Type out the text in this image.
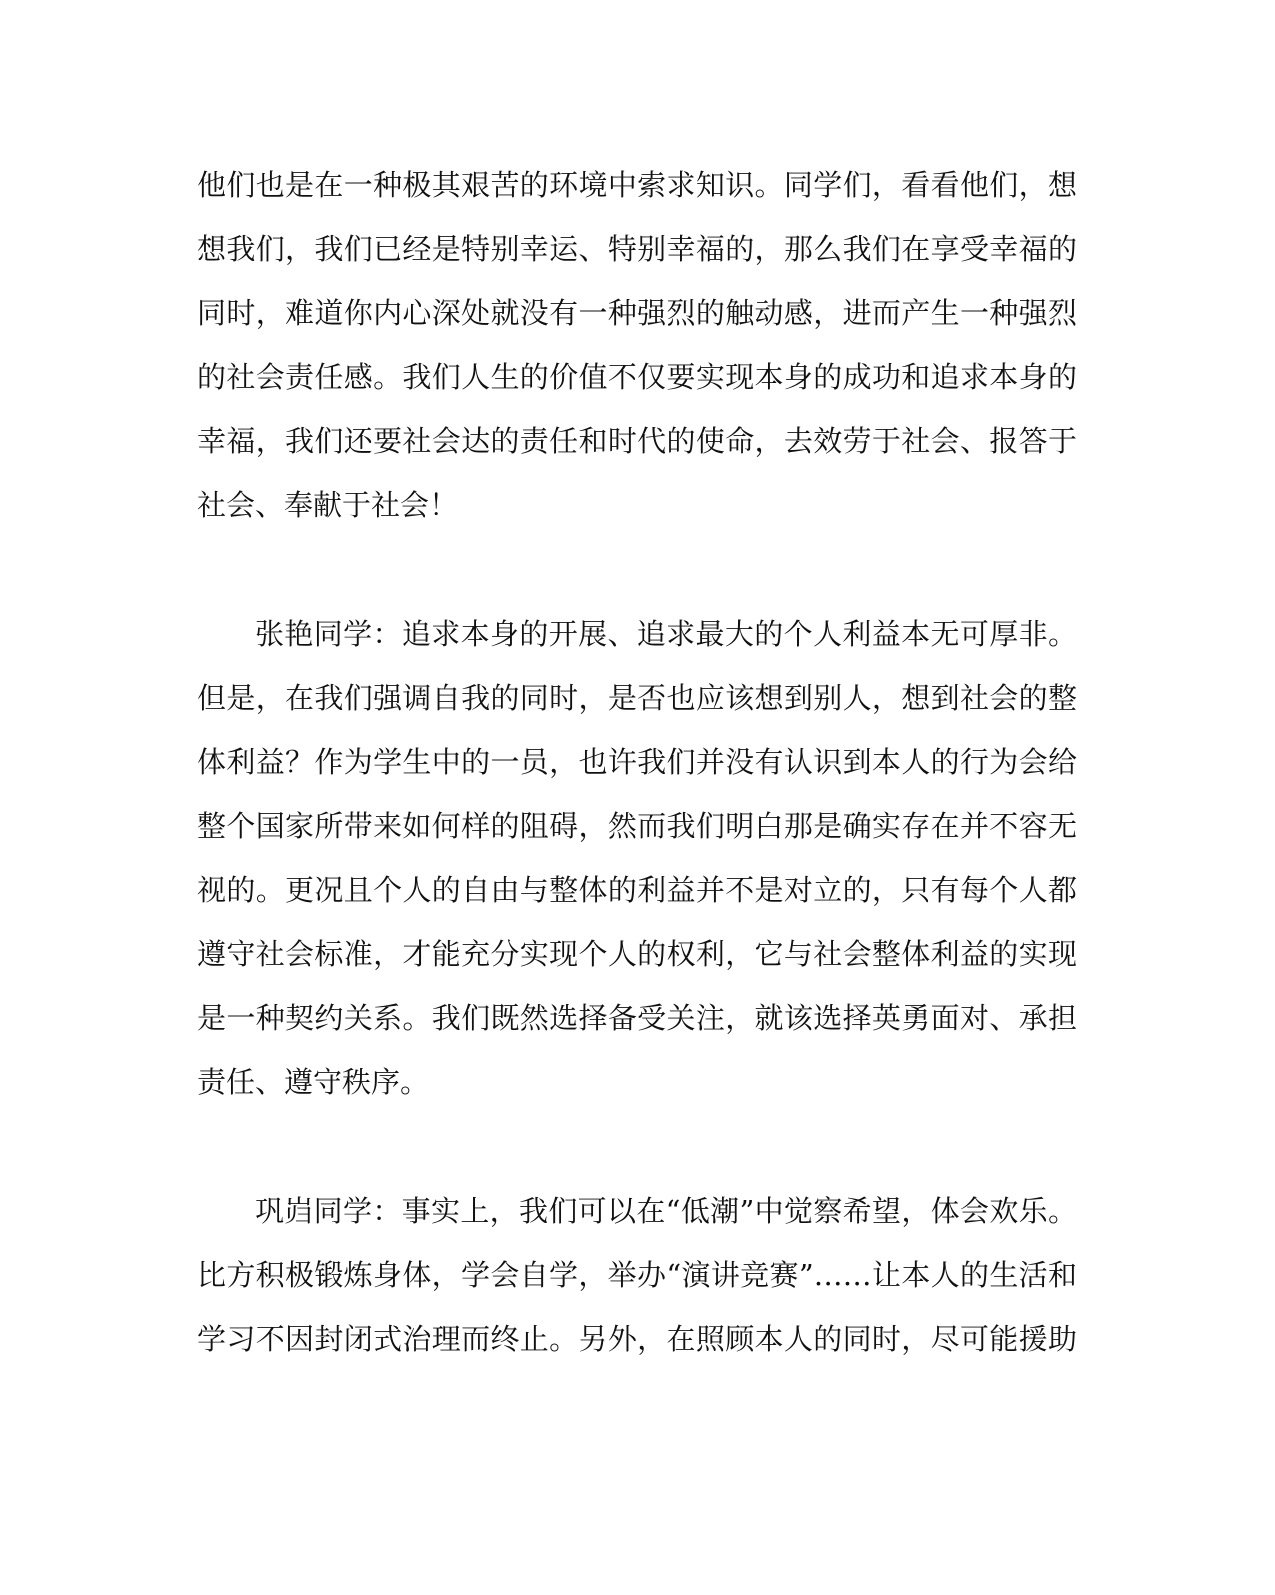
他们也是在一种极其艰苦的环境中索求知识。同学们，看看他们，想
想我们，我们已经是特别幸运、特别幸福的，那么我们在享受幸福的
同时，难道你内心深处就没有一种强烈的触动感，进而产生一种强烈
的社会责任感。我们人生的价值不仅要实现本身的成功和追求本身的
幸福，我们还要社会达的责任和时代的使命，去效劳于社会、报答于
社会、奉献于社会！
张艳同学：追求本身的开展、追求最大的个人利益本无可厚非。
但是，在我们强调自我的同时，是否也应该想到别人，想到社会的整
体利益？作为学生中的一员，也许我们并没有认识到本人的行为会给
整个国家所带来如何样的阻碍，然而我们明白那是确实存在并不容无
视的。更况且个人的自由与整体的利益并不是对立的，只有每个人都
遵守社会标准，才能充分实现个人的权利，它与社会整体利益的实现
是一种契约关系。我们既然选择备受关注，就该选择英勇面对、承担
责任、遵守秩序。
巩岿同学：事实上，我们可以在“低潮”中觉察希望，体会欢乐。
比方积极锻炼身体，学会自学，举办“演讲竞赛”……让本人的生活和
学习不因封闭式治理而终止。另外，在照顾本人的同时，尽可能援助
